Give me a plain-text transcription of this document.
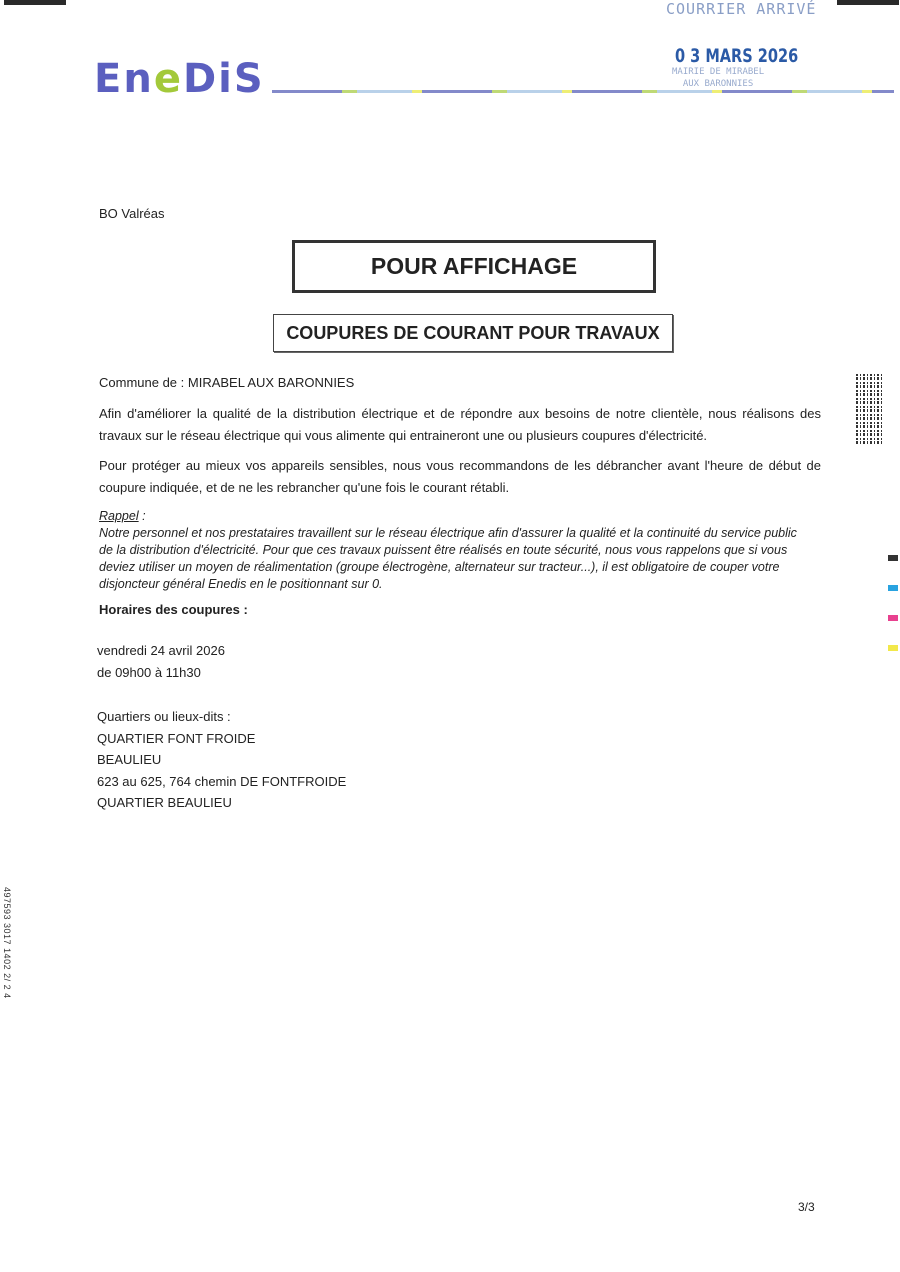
EneDiS
COURRIER ARRIVÉ
0 3 MARS 2026
MAIRIE DE MIRABEL
AUX BARONNIES
BO Valréas
POUR AFFICHAGE
COUPURES DE COURANT POUR TRAVAUX
Commune de : MIRABEL AUX BARONNIES
Afin d'améliorer la qualité de la distribution électrique et de répondre aux besoins de notre clientèle, nous réalisons des travaux sur le réseau électrique qui vous alimente qui entraineront une ou plusieurs coupures d'électricité.
Pour protéger au mieux vos appareils sensibles, nous vous recommandons de les débrancher avant l'heure de début de coupure indiquée, et de ne les rebrancher qu'une fois le courant rétabli.
Rappel :
Notre personnel et nos prestataires travaillent sur le réseau électrique afin d'assurer la qualité et la continuité du service public de la distribution d'électricité. Pour que ces travaux puissent être réalisés en toute sécurité, nous vous rappelons que si vous deviez utiliser un moyen de réalimentation (groupe électrogène, alternateur sur tracteur...), il est obligatoire de couper votre disjoncteur général Enedis en le positionnant sur 0.
Horaires des coupures :
vendredi 24 avril 2026
de 09h00 à 11h30
Quartiers ou lieux-dits :
QUARTIER FONT FROIDE
BEAULIEU
623 au 625, 764 chemin DE FONTFROIDE
QUARTIER BEAULIEU
497593 3017 1402 2/ 2 4
3/3
